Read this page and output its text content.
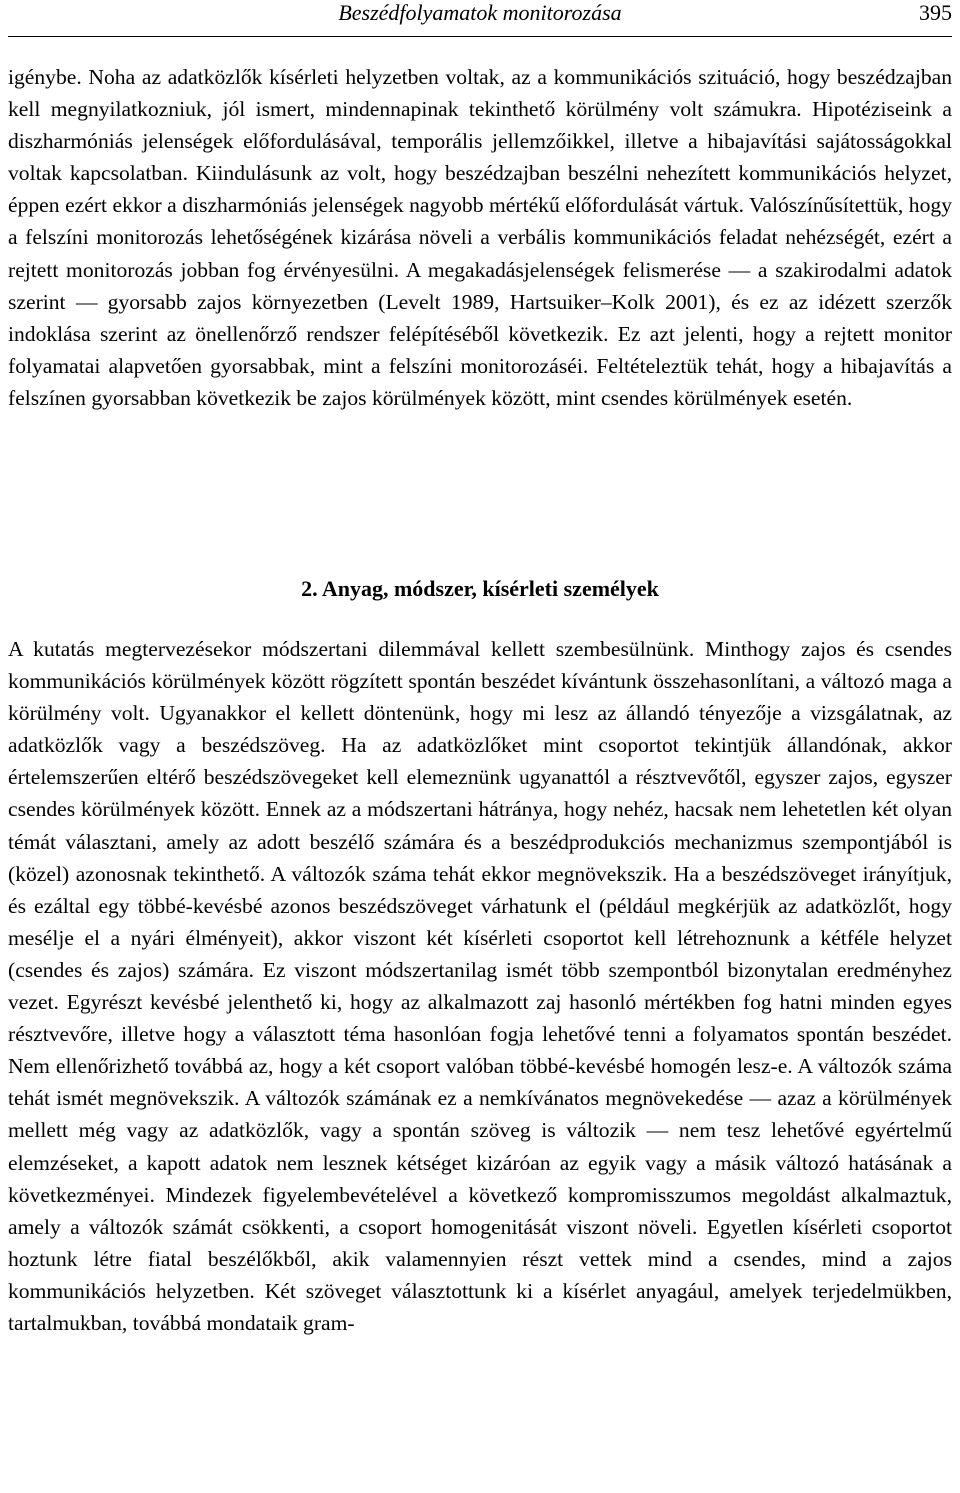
Beszédfolyamatok monitorozása	395

igénybe. Noha az adatközlők kísérleti helyzetben voltak, az a kommunikációs szituáció, hogy beszédzajban kell megnyilatkozniuk, jól ismert, mindennapinak tekinthető körülmény volt számukra. Hipotéziseink a diszharmóniás jelenségek előfordulásával, temporális jellemzőikkel, illetve a hibajavítási sajátosságokkal voltak kapcsolatban. Kiindulásunk az volt, hogy beszédzajban beszélni nehezített kommunikációs helyzet, éppen ezért ekkor a diszharmóniás jelenségek nagyobb mértékű előfordulását vártuk. Valószínűsítettük, hogy a felszíni monitorozás lehetőségének kizárása növeli a verbális kommunikációs feladat nehézségét, ezért a rejtett monitorozás jobban fog érvényesülni. A megakadásjelenségek felismerése — a szakirodalmi adatok szerint — gyorsabb zajos környezetben (Levelt 1989, Hartsuiker–Kolk 2001), és ez az idézett szerzők indoklása szerint az önellenőrző rendszer felépítéséből következik. Ez azt jelenti, hogy a rejtett monitor folyamatai alapvetően gyorsabbak, mint a felszíni monitorozáséi. Feltételeztük tehát, hogy a hibajavítás a felszínen gyorsabban következik be zajos körülmények között, mint csendes körülmények esetén.

2. Anyag, módszer, kísérleti személyek

A kutatás megtervezésekor módszertani dilemmával kellett szembesülnünk. Minthogy zajos és csendes kommunikációs körülmények között rögzített spontán beszédet kívántunk összehasonlítani, a változó maga a körülmény volt. Ugyanakkor el kellett döntenünk, hogy mi lesz az állandó tényezője a vizsgálatnak, az adatközlők vagy a beszédszöveg. Ha az adatközlőket mint csoportot tekintjük állandónak, akkor értelemszerűen eltérő beszédszövegeket kell elemeznünk ugyanattól a résztvevőtől, egyszer zajos, egyszer csendes körülmények között. Ennek az a módszertani hátránya, hogy nehéz, hacsak nem lehetetlen két olyan témát választani, amely az adott beszélő számára és a beszédprodukciós mechanizmus szempontjából is (közel) azonosnak tekinthető. A változók száma tehát ekkor megnövekszik. Ha a beszédszöveget irányítjuk, és ezáltal egy többé-kevésbé azonos beszédszöveget várhatunk el (például megkérjük az adatközlőt, hogy mesélje el a nyári élményeit), akkor viszont két kísérleti csoportot kell létrehoznunk a kétféle helyzet (csendes és zajos) számára. Ez viszont módszertanilag ismét több szempontból bizonytalan eredményhez vezet. Egyrészt kevésbé jelenthető ki, hogy az alkalmazott zaj hasonló mértékben fog hatni minden egyes résztvevőre, illetve hogy a választott téma hasonlóan fogja lehetővé tenni a folyamatos spontán beszédet. Nem ellenőrizhető továbbá az, hogy a két csoport valóban többé-kevésbé homogén lesz-e. A változók száma tehát ismét megnövekszik. A változók számának ez a nemkívánatos megnövekedése — azaz a körülmények mellett még vagy az adatközlők, vagy a spontán szöveg is változik — nem tesz lehetővé egyértelmű elemzéseket, a kapott adatok nem lesznek kétséget kizáróan az egyik vagy a másik változó hatásának a következményei. Mindezek figyelembevételével a következő kompromisszumos megoldást alkalmaztuk, amely a változók számát csökkenti, a csoport homogenitását viszont növeli. Egyetlen kísérleti csoportot hoztunk létre fiatal beszélőkből, akik valamennyien részt vettek mind a csendes, mind a zajos kommunikációs helyzetben. Két szöveget választottunk ki a kísérlet anyagául, amelyek terjedelmükben, tartalmukban, továbbá mondataik gram-
